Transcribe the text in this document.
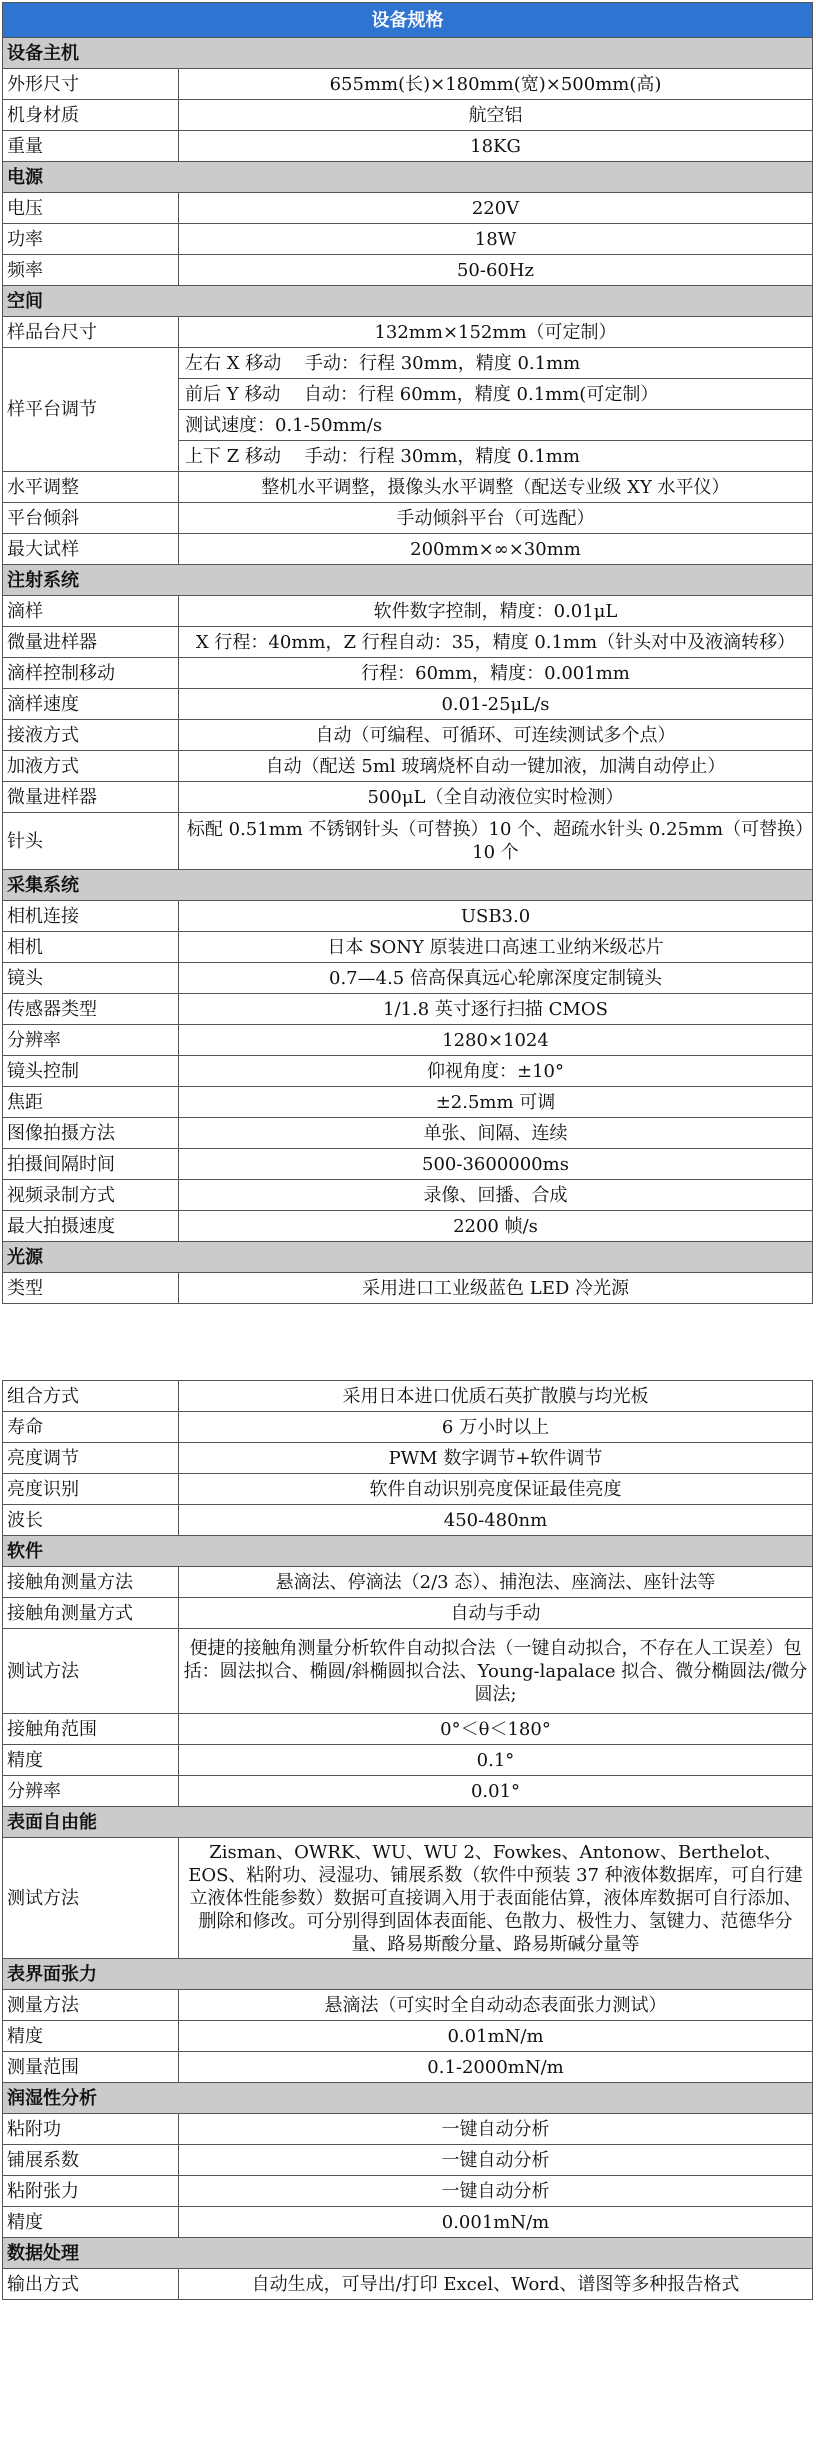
设备规格	
设备主机	
外形尺寸	655mm(长)×180mm(宽)×500mm(高)
机身材质	航空铝
重量	18KG
电源	
电压	220V
功率	18W
频率	50-60Hz
空间	
样品台尺寸	132mm×152mm（可定制）
样平台调节	左右 X 移动　 手动：行程 30mm，精度 0.1mm
	前后 Y 移动　 自动：行程 60mm，精度 0.1mm(可定制）
	测试速度：0.1-50mm/s
	上下 Z 移动　 手动：行程 30mm，精度 0.1mm
水平调整	整机水平调整，摄像头水平调整（配送专业级 XY 水平仪）
平台倾斜	手动倾斜平台（可选配）
最大试样	200mm×∞×30mm
注射系统	
滴样	软件数字控制，精度：0.01μL
微量进样器	X 行程：40mm，Z 行程自动：35，精度 0.1mm（针头对中及液滴转移）
滴样控制移动	行程：60mm，精度：0.001mm
滴样速度	0.01-25μL/s
接液方式	自动（可编程、可循环、可连续测试多个点）
加液方式	自动（配送 5ml 玻璃烧杯自动一键加液，加满自动停止）
微量进样器	500μL（全自动液位实时检测）
针头	标配 0.51mm 不锈钢针头（可替换）10 个、超疏水针头 0.25mm（可替换）10 个
采集系统	
相机连接	USB3.0
相机	日本 SONY 原装进口高速工业纳米级芯片
镜头	0.7—4.5 倍高保真远心轮廓深度定制镜头
传感器类型	1/1.8 英寸逐行扫描 CMOS
分辨率	1280×1024
镜头控制	仰视角度：±10°
焦距	±2.5mm 可调
图像拍摄方法	单张、间隔、连续
拍摄间隔时间	500-3600000ms
视频录制方式	录像、回播、合成
最大拍摄速度	2200 帧/s
光源	
类型	采用进口工业级蓝色 LED 冷光源
组合方式	采用日本进口优质石英扩散膜与均光板
寿命	6 万小时以上
亮度调节	PWM 数字调节+软件调节
亮度识别	软件自动识别亮度保证最佳亮度
波长	450-480nm
软件	
接触角测量方法	悬滴法、停滴法（2/3 态）、捕泡法、座滴法、座针法等
接触角测量方式	自动与手动
测试方法	便捷的接触角测量分析软件自动拟合法（一键自动拟合，不存在人工误差）包括：圆法拟合、椭圆/斜椭圆拟合法、Young-lapalace 拟合、微分椭圆法/微分圆法;
接触角范围	0°＜θ＜180°
精度	0.1°
分辨率	0.01°
表面自由能	
测试方法	Zisman、OWRK、WU、WU 2、Fowkes、Antonow、Berthelot、EOS、粘附功、浸湿功、铺展系数（软件中预装 37 种液体数据库，可自行建立液体性能参数）数据可直接调入用于表面能估算，液体库数据可自行添加、删除和修改。可分别得到固体表面能、色散力、极性力、氢键力、范德华分量、路易斯酸分量、路易斯碱分量等
表界面张力	
测量方法	悬滴法（可实时全自动动态表面张力测试）
精度	0.01mN/m
测量范围	0.1-2000mN/m
润湿性分析	
粘附功	一键自动分析
铺展系数	一键自动分析
粘附张力	一键自动分析
精度	0.001mN/m
数据处理	
输出方式	自动生成，可导出/打印 Excel、Word、谱图等多种报告格式
